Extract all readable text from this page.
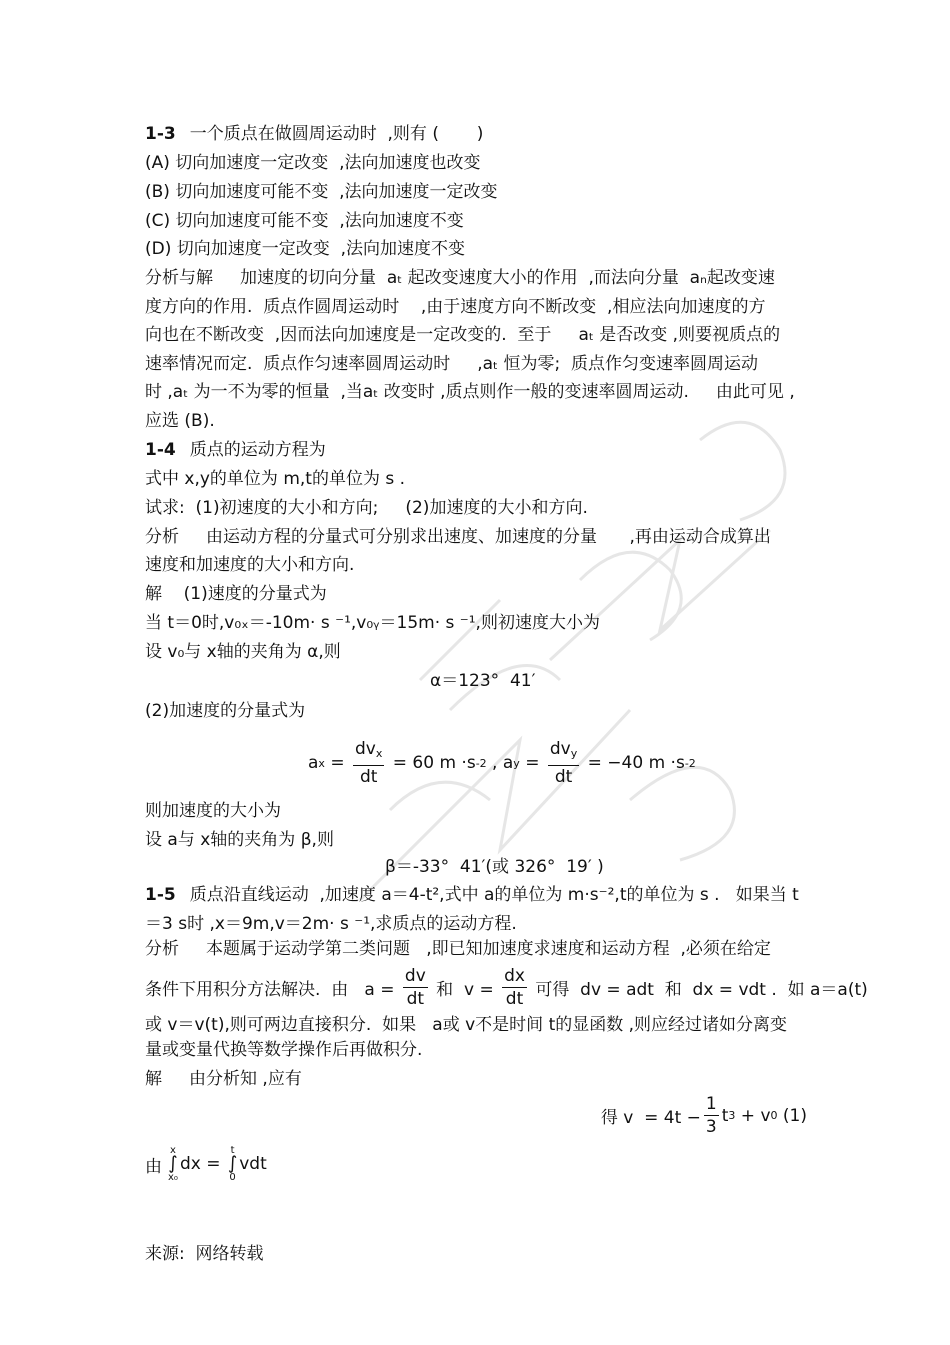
1-3 一个质点在做圆周运动时  ,则有 (       )
(A) 切向加速度一定改变  ,法向加速度也改变
(B) 切向加速度可能不变  ,法向加速度一定改变
(C) 切向加速度可能不变  ,法向加速度不变
(D) 切向加速度一定改变  ,法向加速度不变
分析与解     加速度的切向分量  aₜ 起改变速度大小的作用  ,而法向分量  aₙ起改变速
度方向的作用.  质点作圆周运动时    ,由于速度方向不断改变  ,相应法向加速度的方
向也在不断改变  ,因而法向加速度是一定改变的.  至于     aₜ 是否改变 ,则要视质点的
速率情况而定.  质点作匀速率圆周运动时     ,aₜ 恒为零;  质点作匀变速率圆周运动
时 ,aₜ 为一不为零的恒量  ,当aₜ 改变时 ,质点则作一般的变速率圆周运动.     由此可见 ,
应选 (B).
1-4 质点的运动方程为
式中 x,y的单位为 m,t的单位为 s .
试求:  (1)初速度的大小和方向;     (2)加速度的大小和方向.
分析     由运动方程的分量式可分别求出速度、加速度的分量      ,再由运动合成算出
速度和加速度的大小和方向.
解    (1)速度的分量式为
当 t＝0时,v₀ₓ＝-10m· s ⁻¹,v₀ᵧ＝15m· s ⁻¹,则初速度大小为
设 v₀与 x轴的夹角为 α,则
α＝123°  41′
(2)加速度的分量式为
a $x = \frac{dv_x}{dt} = 60$ m ·s -2 , a $y = \frac{dv_y}{dt} = -40$ m ·s -2
则加速度的大小为
设 a与 x轴的夹角为 β,则
β＝-33°  41′(或 326°  19′ )
1-5 质点沿直线运动  ,加速度 a＝4-t²,式中 a的单位为 m·s⁻²,t的单位为 s .   如果当 t
＝3 s时 ,x＝9m,v＝2m· s ⁻¹,求质点的运动方程.
分析     本题属于运动学第二类问题   ,即已知加速度求速度和运动方程  ,必须在给定
条件下用积分方法解决.  由   $a = \frac{dv}{dt}$ 和  $v = \frac{dx}{dt}$ 可得  dv = adt  和  dx = vdt .  如 a＝a(t)
或 v＝v(t),则可两边直接积分.  如果   a或 v不是时间 t的显函数 ,则应经过诸如分离变
量或变量代换等数学操作后再做积分.
解     由分析知 ,应有
得 $v = 4t - \frac{1}{3}$ t 3 + v 0 (1)
由
x
∫
x₀
dx =
t
∫
0
vdt
来源:  网络转载
